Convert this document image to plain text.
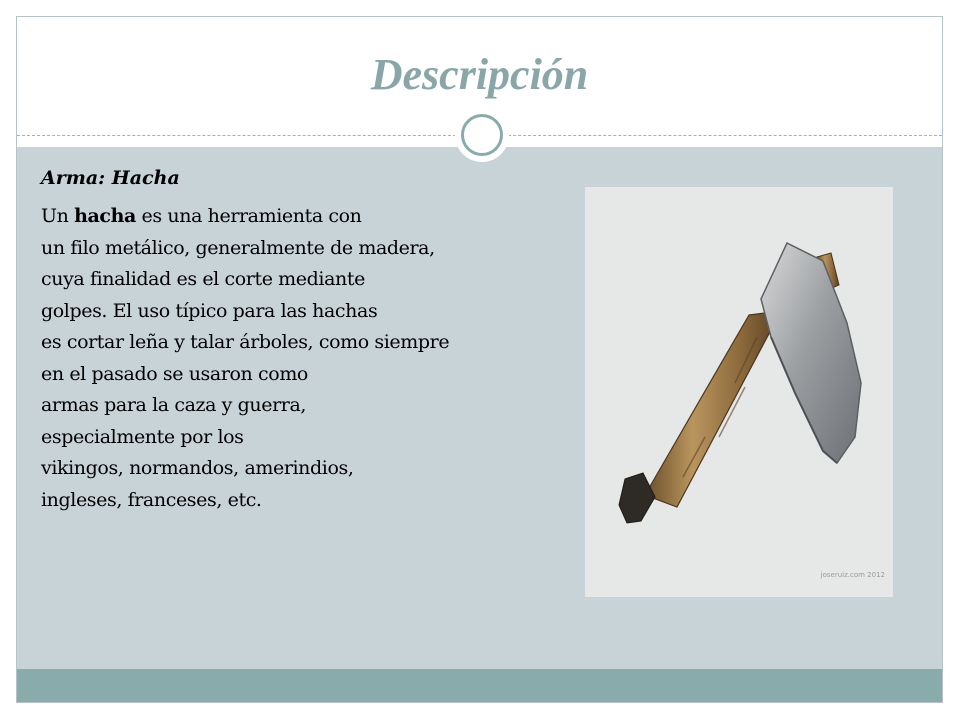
Descripción

Arma: Hacha

Un hacha es una herramienta con
un filo metálico, generalmente de madera,
cuya finalidad es el corte mediante
golpes. El uso típico para las hachas
es cortar leña y talar árboles, como siempre
en el pasado se usaron como
armas para la caza y guerra,
especialmente por los
vikingos, normandos, amerindios,
ingleses, franceses, etc.

joseruiz.com 2012
